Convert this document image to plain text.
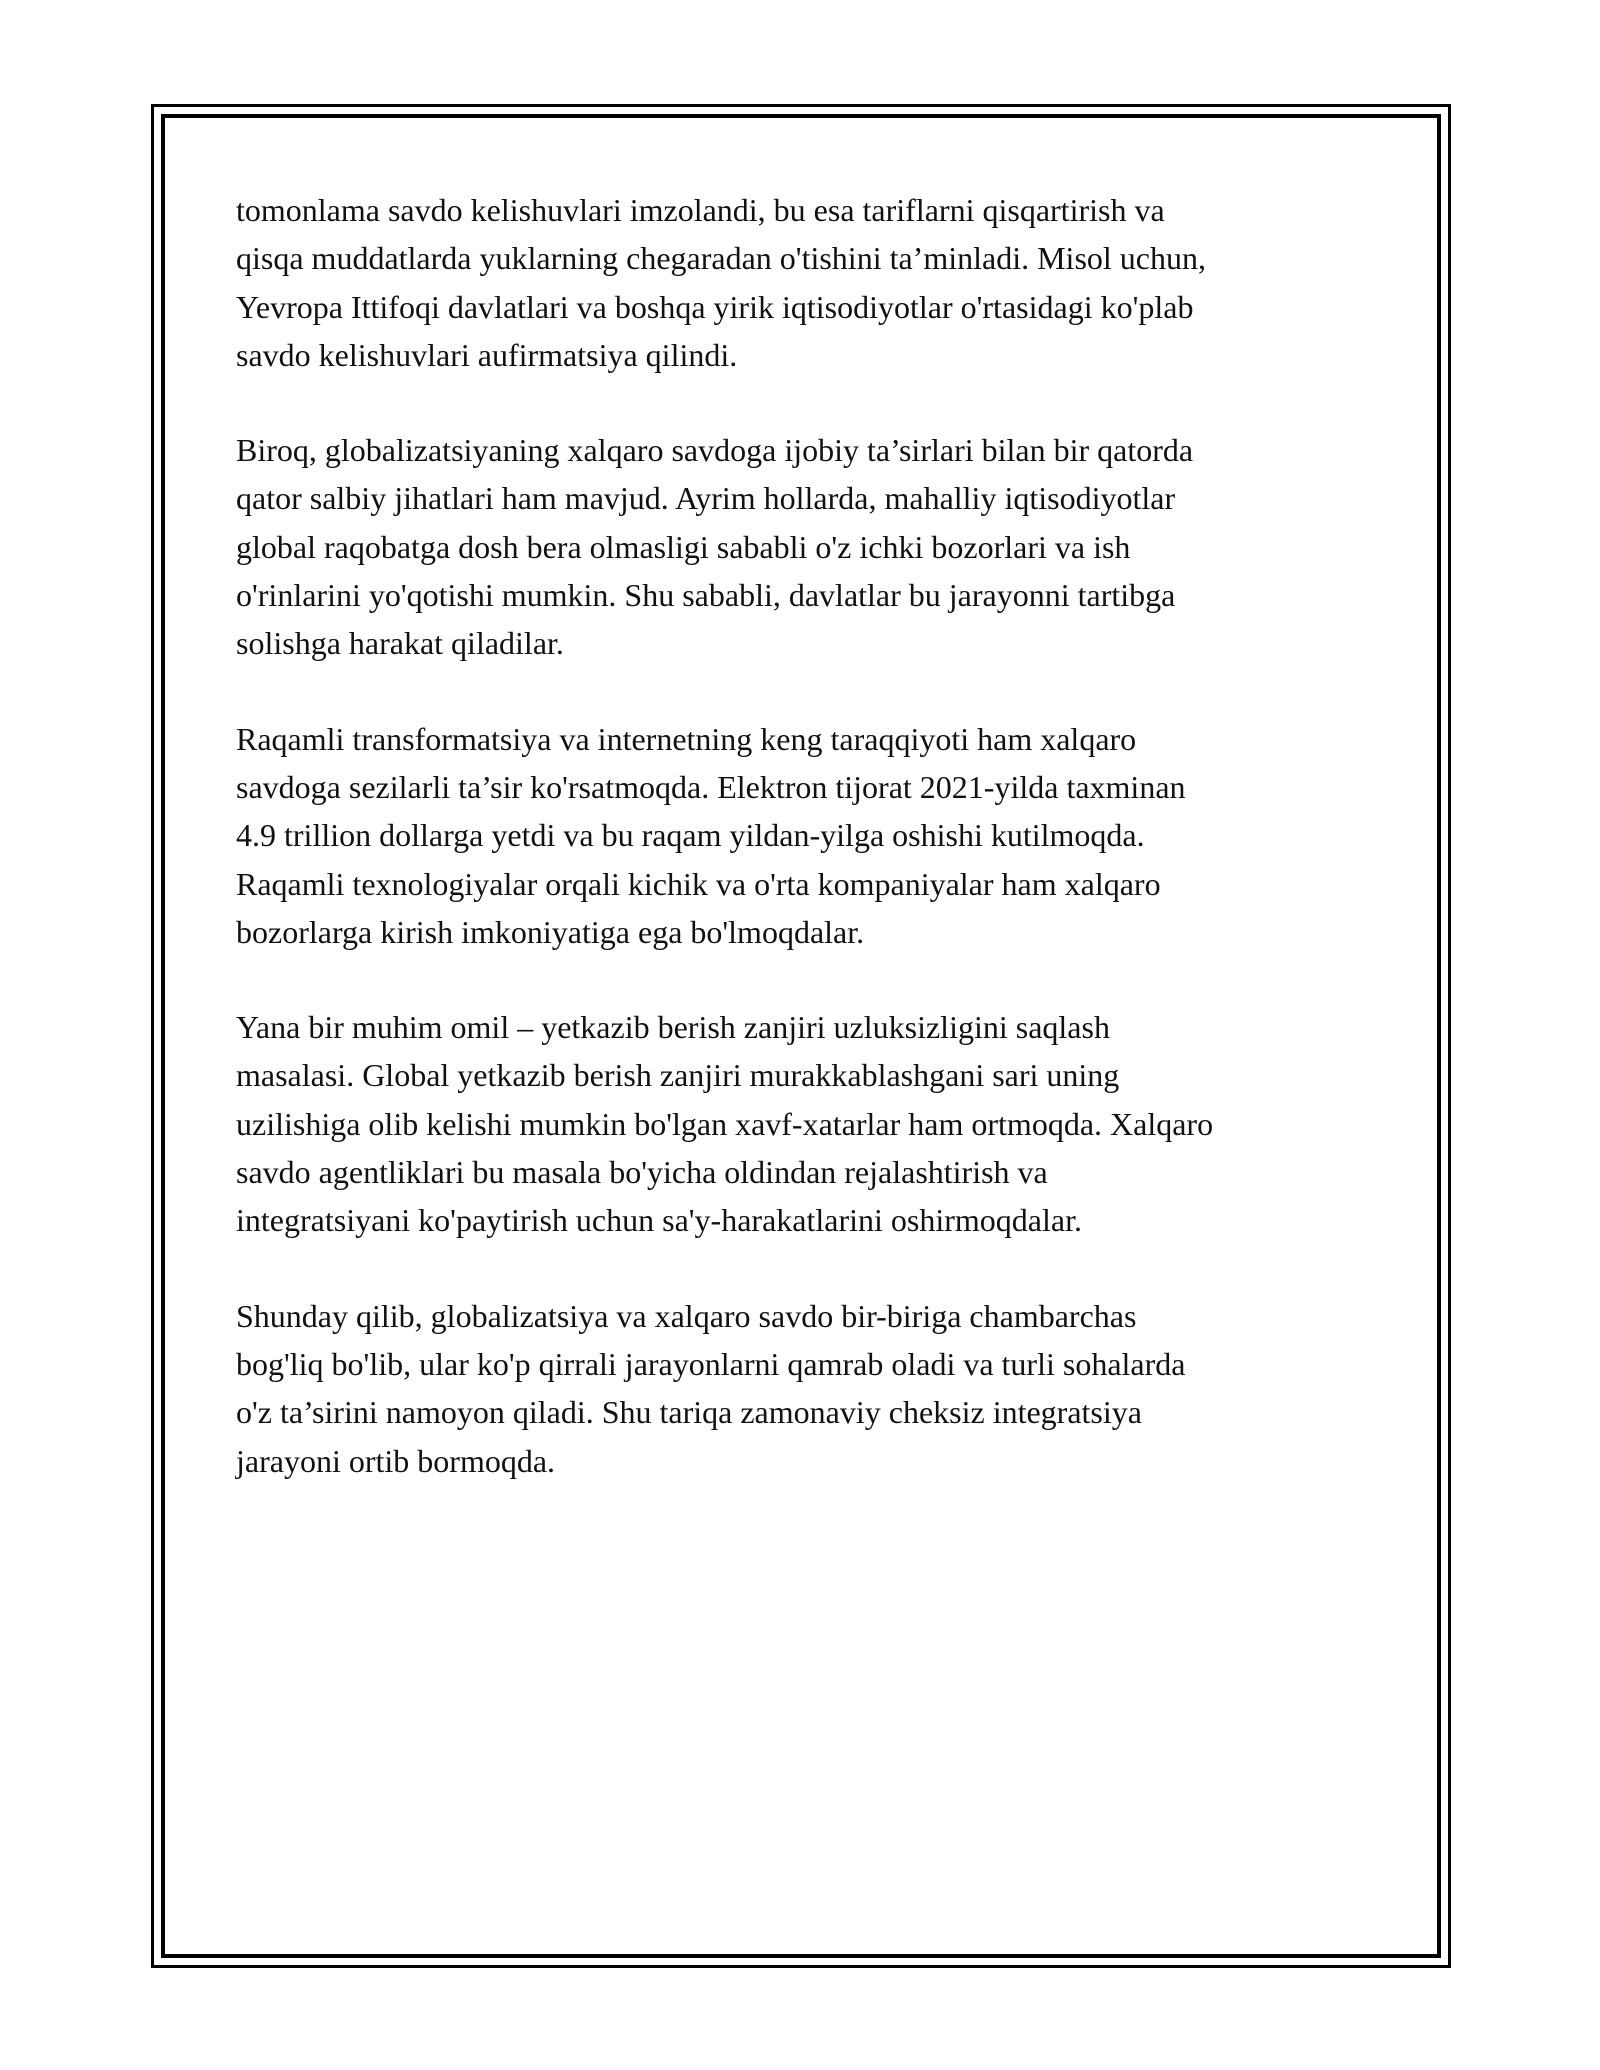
tomonlama savdo kelishuvlari imzolandi, bu esa tariflarni qisqartirish va
qisqa muddatlarda yuklarning chegaradan o'tishini ta’minladi. Misol uchun,
Yevropa Ittifoqi davlatlari va boshqa yirik iqtisodiyotlar o'rtasidagi ko'plab
savdo kelishuvlari aufirmatsiya qilindi.

Biroq, globalizatsiyaning xalqaro savdoga ijobiy ta’sirlari bilan bir qatorda
qator salbiy jihatlari ham mavjud. Ayrim hollarda, mahalliy iqtisodiyotlar
global raqobatga dosh bera olmasligi sababli o'z ichki bozorlari va ish
o'rinlarini yo'qotishi mumkin. Shu sababli, davlatlar bu jarayonni tartibga
solishga harakat qiladilar.

Raqamli transformatsiya va internetning keng taraqqiyoti ham xalqaro
savdoga sezilarli ta’sir ko'rsatmoqda. Elektron tijorat 2021-yilda taxminan
4.9 trillion dollarga yetdi va bu raqam yildan-yilga oshishi kutilmoqda.
Raqamli texnologiyalar orqali kichik va o'rta kompaniyalar ham xalqaro
bozorlarga kirish imkoniyatiga ega bo'lmoqdalar.

Yana bir muhim omil – yetkazib berish zanjiri uzluksizligini saqlash
masalasi. Global yetkazib berish zanjiri murakkablashgani sari uning
uzilishiga olib kelishi mumkin bo'lgan xavf-xatarlar ham ortmoqda. Xalqaro
savdo agentliklari bu masala bo'yicha oldindan rejalashtirish va
integratsiyani ko'paytirish uchun sa'y-harakatlarini oshirmoqdalar.

Shunday qilib, globalizatsiya va xalqaro savdo bir-biriga chambarchas
bog'liq bo'lib, ular ko'p qirrali jarayonlarni qamrab oladi va turli sohalarda
o'z ta’sirini namoyon qiladi. Shu tariqa zamonaviy cheksiz integratsiya
jarayoni ortib bormoqda.
